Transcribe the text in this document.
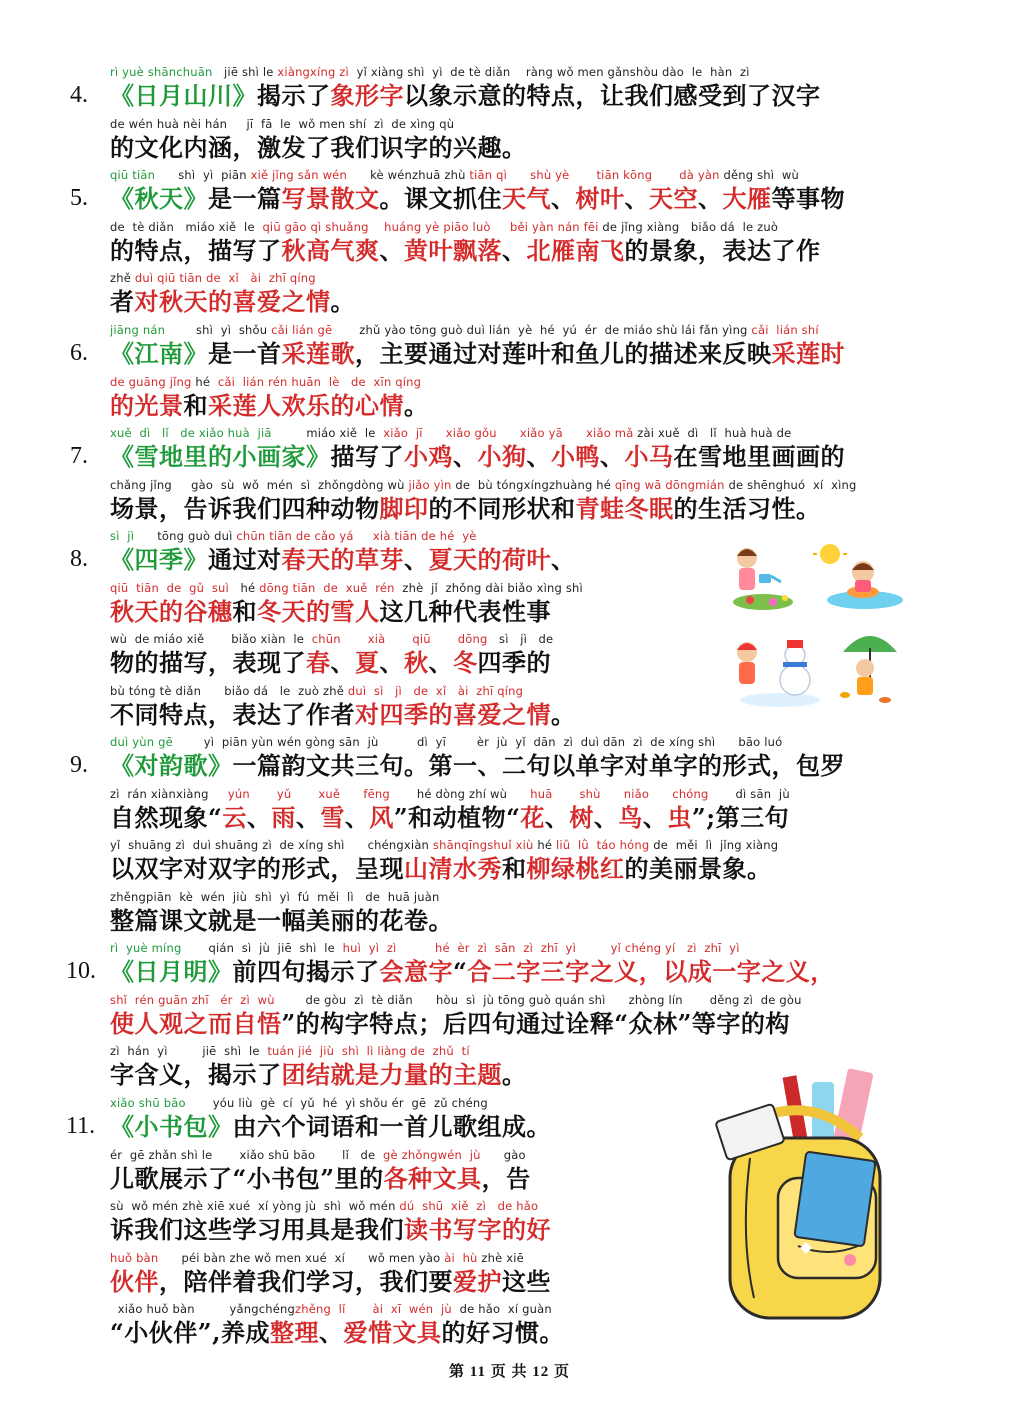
4.
rì yuè shānchuān   jiē shì le xiàngxíng zì  yǐ xiàng shì  yì  de tè diǎn    ràng wǒ men gǎnshòu dào  le  hàn  zì
《日月山川》揭示了象形字以象示意的特点，让我们感受到了汉字
de wén huà nèi hán     jī  fā  le  wǒ men shí  zì  de xìng qù
的文化内涵，激发了我们识字的兴趣。
5.
qiū tiān      shì  yì  piān xiě jǐng sǎn wén      kè wénzhuā zhù tiān qì shù yè tiān kōng dà yàn děng shì  wù
《秋天》是一篇写景散文。课文抓住天气、树叶、天空、大雁等事物
de  tè diǎn   miáo xiě  le  qiū gāo qì shuǎng huáng yè piāo luò běi yàn nán fēi de jǐng xiàng   biǎo dá  le zuò
的特点，描写了秋高气爽、黄叶飘落、北雁南飞的景象，表达了作
zhě duì qiū tiān de  xǐ   ài  zhī qíng
者对秋天的喜爱之情。
6.
jiāng nán        shì  yì  shǒu cǎi lián gē       zhǔ yào tōng guò duì lián  yè  hé  yú  ér  de miáo shù lái fǎn yìng cǎi  lián shí
《江南》是一首采莲歌，主要通过对莲叶和鱼儿的描述来反映采莲时
de guāng jǐng hé  cǎi  lián rén huān  lè   de  xīn qíng
的光景和采莲人欢乐的心情。
7.
xuě  dì   lǐ   de xiǎo huà  jiā         miáo xiě  le  xiǎo  jī xiǎo gǒu xiǎo yā xiǎo mǎ zài xuě  dì   lǐ  huà huà de
《雪地里的小画家》描写了小鸡、小狗、小鸭、小马在雪地里画画的
chǎng jǐng     gào  sù  wǒ  mén  sì  zhǒngdòng wù jiǎo yìn de  bù tóngxíngzhuàng hé qīng wā dōngmián de shēnghuó  xí  xìng
场景，告诉我们四种动物脚印的不同形状和青蛙冬眠的生活习性。
8.
sì  jì      tōng guò duì chūn tiān de cǎo yá xià tiān de hé  yè
《四季》通过对春天的草芽、夏天的荷叶、
qiū  tiān  de  gǔ  suì   hé dōng tiān  de  xuě  rén  zhè  jǐ  zhǒng dài biǎo xìng shì
秋天的谷穗和冬天的雪人这几种代表性事
wù  de miáo xiě       biǎo xiàn  le  chūn xià qiū dōng   sì   jì   de
物的描写，表现了春、夏、秋、冬四季的
bù tóng tè diǎn      biǎo dá   le  zuò zhě duì  sì   jì   de  xǐ   ài  zhī qíng
不同特点，表达了作者对四季的喜爱之情。
9.
duì yùn gē        yì  piān yùn wén gòng sān  jù          dì  yī        èr  jù  yǐ  dān  zì  duì dān  zì  de xíng shì      bāo luó
《对韵歌》一篇韵文共三句。第一、二句以单字对单字的形式，包罗
zì  rán xiànxiàng     yún yǔ xuě fēng       hé dòng zhí wù      huā shù niǎo chóng       dì sān  jù
自然现象“云、雨、雪、风”和动植物“花、树、鸟、虫”;第三句
yǐ  shuāng zì  duì shuāng zì  de xíng shì      chéngxiàn shānqīngshuǐ xiù hé liǔ  lǜ  táo hóng de  měi  lì  jǐng xiàng
以双字对双字的形式，呈现山清水秀和柳绿桃红的美丽景象。
zhěngpiān  kè  wén  jiù  shì  yì  fú  měi  lì   de  huā juàn
整篇课文就是一幅美丽的花卷。
10.
rì  yuè míng       qián  sì  jù  jiē  shì  le  huì  yì  zì	hé  èr  zì  sān  zì  zhī  yì         yǐ chéng yí   zì  zhī  yì
《日月明》前四句揭示了会意字“合二字三字之义，以成一字之义，
shǐ  rén guān zhī   ér  zì  wù        de gòu  zì  tè diǎn      hòu  sì  jù tōng guò quán shì      zhòng lín       děng zì  de gòu
使人观之而自悟”的构字特点；后四句通过诠释“众林”等字的构
zì  hán  yì         jiē  shì  le  tuán jié  jiù  shì  lì liàng de  zhǔ  tí
字含义，揭示了团结就是力量的主题。
11.
xiǎo shū bāo       yóu liù  gè  cí  yǔ  hé  yì shǒu ér  gē  zǔ chéng
《小书包》由六个词语和一首儿歌组成。
ér  gē zhǎn shì le       xiǎo shū bāo       lǐ   de  gè zhǒngwén  jù      gào
儿歌展示了“小书包”里的各种文具，告
sù  wǒ mén zhè xiē xué  xí yòng jù  shì  wǒ mén dú  shū  xiě  zì   de hǎo
诉我们这些学习用具是我们读书写字的好
huǒ bàn      péi bàn zhe wǒ men xué  xí      wǒ men yào ài  hù zhè xiē
伙伴，陪伴着我们学习，我们要爱护这些
xiǎo huǒ bàn         yǎngchéngzhěng  lǐ       ài  xī  wén  jù  de hǎo  xí guàn
“小伙伴”,养成整理、爱惜文具的好习惯。
第 11 页 共 12 页
